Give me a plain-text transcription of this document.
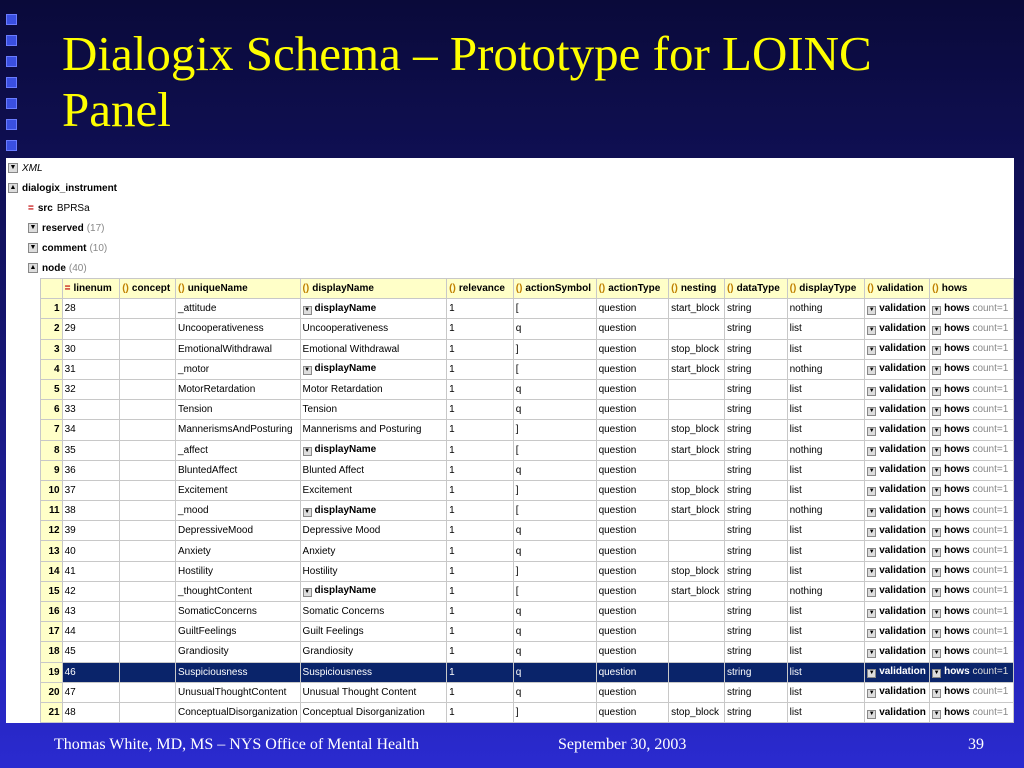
Dialogix Schema – Prototype for LOINC Panel
▼ XML
▲ dialogix_instrument
= src BPRSa
▼ reserved (17)
▼ comment (10)
▲ node (40)
	= linenum	() concept	() uniqueName	() displayName	() relevance	() actionSymbol	() actionType	() nesting	() dataType	() displayType	() validation	() hows
1	28		_attitude	▼ displayName	1	[	question	start_block	string	nothing	▼ validation	▼ hows count=1
2	29		Uncooperativeness	Uncooperativeness	1	q	question		string	list	▼ validation	▼ hows count=1
3	30		EmotionalWithdrawal	Emotional Withdrawal	1	]	question	stop_block	string	list	▼ validation	▼ hows count=1
4	31		_motor	▼ displayName	1	[	question	start_block	string	nothing	▼ validation	▼ hows count=1
5	32		MotorRetardation	Motor Retardation	1	q	question		string	list	▼ validation	▼ hows count=1
6	33		Tension	Tension	1	q	question		string	list	▼ validation	▼ hows count=1
7	34		MannerismsAndPosturing	Mannerisms and Posturing	1	]	question	stop_block	string	list	▼ validation	▼ hows count=1
8	35		_affect	▼ displayName	1	[	question	start_block	string	nothing	▼ validation	▼ hows count=1
9	36		BluntedAffect	Blunted Affect	1	q	question		string	list	▼ validation	▼ hows count=1
10	37		Excitement	Excitement	1	]	question	stop_block	string	list	▼ validation	▼ hows count=1
11	38		_mood	▼ displayName	1	[	question	start_block	string	nothing	▼ validation	▼ hows count=1
12	39		DepressiveMood	Depressive Mood	1	q	question		string	list	▼ validation	▼ hows count=1
13	40		Anxiety	Anxiety	1	q	question		string	list	▼ validation	▼ hows count=1
14	41		Hostility	Hostility	1	]	question	stop_block	string	list	▼ validation	▼ hows count=1
15	42		_thoughtContent	▼ displayName	1	[	question	start_block	string	nothing	▼ validation	▼ hows count=1
16	43		SomaticConcerns	Somatic Concerns	1	q	question		string	list	▼ validation	▼ hows count=1
17	44		GuiltFeelings	Guilt Feelings	1	q	question		string	list	▼ validation	▼ hows count=1
18	45		Grandiosity	Grandiosity	1	q	question		string	list	▼ validation	▼ hows count=1
19	46		Suspiciousness	Suspiciousness	1	q	question		string	list	▼ validation	▼ hows count=1
20	47		UnusualThoughtContent	Unusual Thought Content	1	q	question		string	list	▼ validation	▼ hows count=1
21	48		ConceptualDisorganization	Conceptual Disorganization	1	]	question	stop_block	string	list	▼ validation	▼ hows count=1
Thomas White, MD, MS – NYS Office of Mental Health	September 30, 2003	39
